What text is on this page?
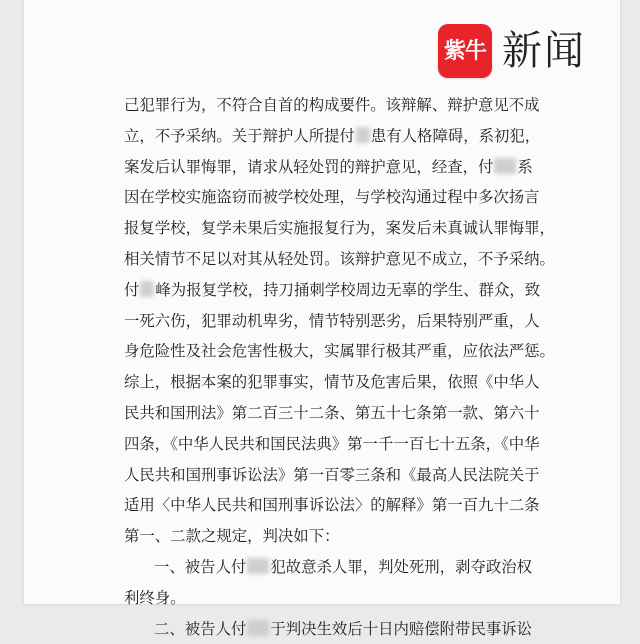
紫牛 新闻
己犯罪行为，不符合自首的构成要件。该辩解、辩护意见不成
立，不予采纳。关于辩护人所提付 患有人格障碍，系初犯，
案发后认罪悔罪，请求从轻处罚的辩护意见，经查，付 系
因在学校实施盗窃而被学校处理，与学校沟通过程中多次扬言
报复学校，复学未果后实施报复行为，案发后未真诚认罪悔罪，
相关情节不足以对其从轻处罚。该辩护意见不成立，不予采纳。
付 峰为报复学校，持刀捅刺学校周边无辜的学生、群众，致
一死六伤，犯罪动机卑劣，情节特别恶劣，后果特别严重，人
身危险性及社会危害性极大，实属罪行极其严重，应依法严惩。
综上，根据本案的犯罪事实，情节及危害后果，依照《中华人
民共和国刑法》第二百三十二条、第五十七条第一款、第六十
四条，《中华人民共和国民法典》第一千一百七十五条，《中华
人民共和国刑事诉讼法》第一百零三条和《最高人民法院关于
适用〈中华人民共和国刑事诉讼法〉的解释》第一百九十二条
第一、二款之规定，判决如下：
一、被告人付 犯故意杀人罪，判处死刑，剥夺政治权
利终身。
二、被告人付 于判决生效后十日内赔偿附带民事诉讼
